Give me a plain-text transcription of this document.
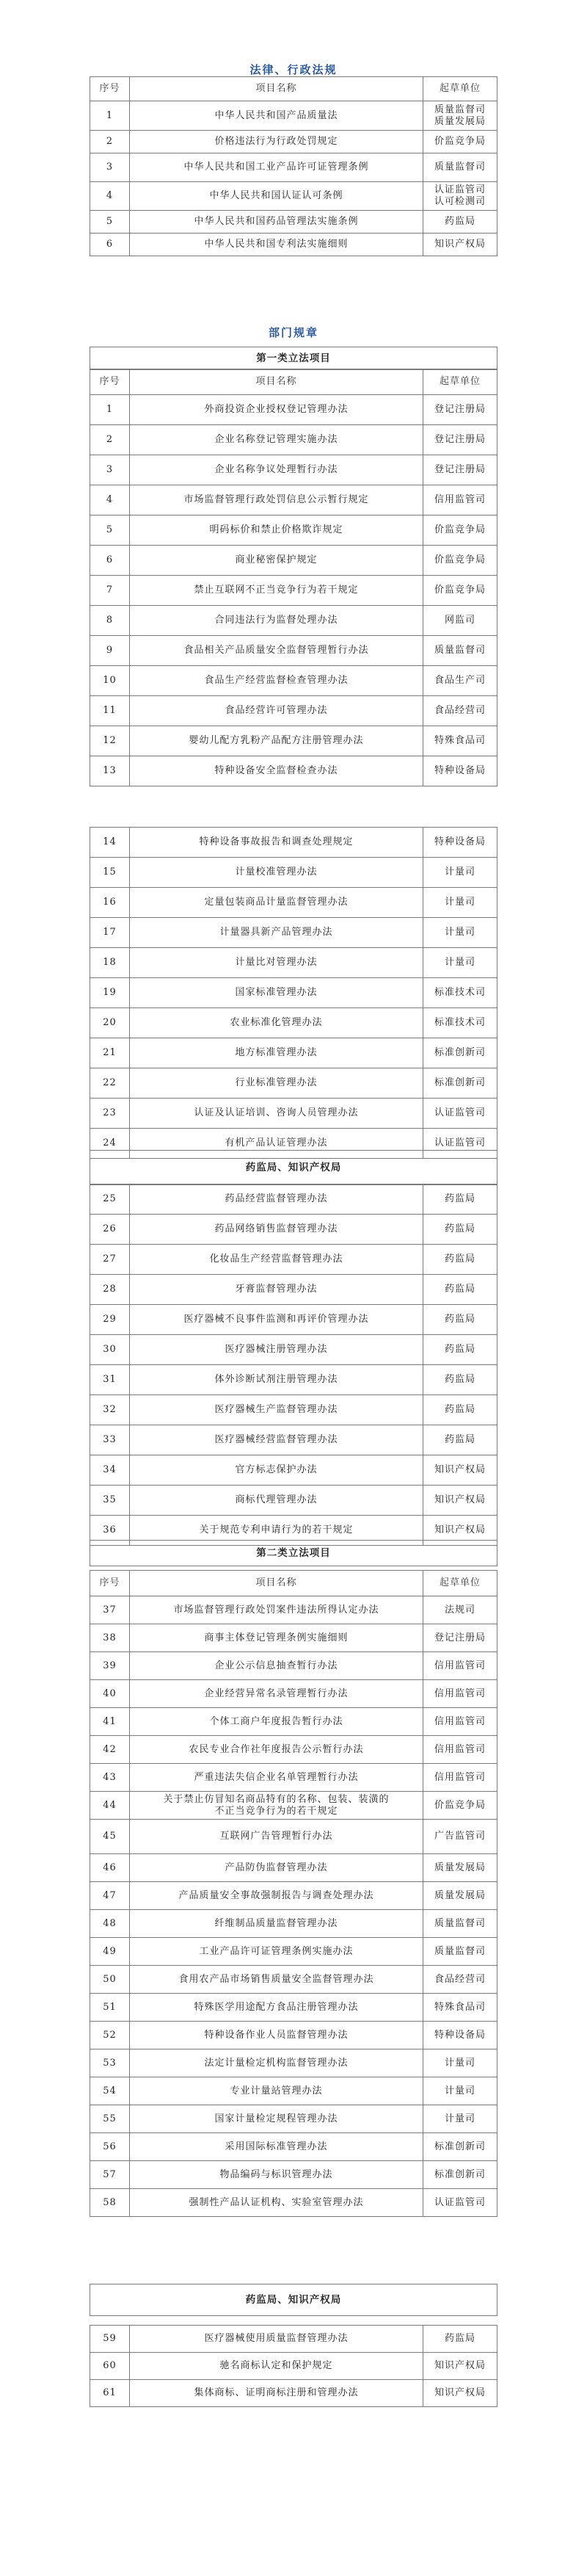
法律、行政法规
序号	项目名称	起草单位
1	中华人民共和国产品质量法	质量监督司
质量发展局
2	价格违法行为行政处罚规定	价监竞争局
3	中华人民共和国工业产品许可证管理条例	质量监督司
4	中华人民共和国认证认可条例	认证监管司
认可检测司
5	中华人民共和国药品管理法实施条例	药监局
6	中华人民共和国专利法实施细则	知识产权局
部门规章
第一类立法项目
序号	项目名称	起草单位
1	外商投资企业授权登记管理办法	登记注册局
2	企业名称登记管理实施办法	登记注册局
3	企业名称争议处理暂行办法	登记注册局
4	市场监督管理行政处罚信息公示暂行规定	信用监管司
5	明码标价和禁止价格欺诈规定	价监竞争局
6	商业秘密保护规定	价监竞争局
7	禁止互联网不正当竞争行为若干规定	价监竞争局
8	合同违法行为监督处理办法	网监司
9	食品相关产品质量安全监督管理暂行办法	质量监督司
10	食品生产经营监督检查管理办法	食品生产司
11	食品经营许可管理办法	食品经营司
12	婴幼儿配方乳粉产品配方注册管理办法	特殊食品司
13	特种设备安全监督检查办法	特种设备局
14	特种设备事故报告和调查处理规定	特种设备局
15	计量校准管理办法	计量司
16	定量包装商品计量监督管理办法	计量司
17	计量器具新产品管理办法	计量司
18	计量比对管理办法	计量司
19	国家标准管理办法	标准技术司
20	农业标准化管理办法	标准技术司
21	地方标准管理办法	标准创新司
22	行业标准管理办法	标准创新司
23	认证及认证培训、咨询人员管理办法	认证监管司
24	有机产品认证管理办法	认证监管司
药监局、知识产权局
25	药品经营监督管理办法	药监局
26	药品网络销售监督管理办法	药监局
27	化妆品生产经营监督管理办法	药监局
28	牙膏监督管理办法	药监局
29	医疗器械不良事件监测和再评价管理办法	药监局
30	医疗器械注册管理办法	药监局
31	体外诊断试剂注册管理办法	药监局
32	医疗器械生产监督管理办法	药监局
33	医疗器械经营监督管理办法	药监局
34	官方标志保护办法	知识产权局
35	商标代理管理办法	知识产权局
36	关于规范专利申请行为的若干规定	知识产权局
第二类立法项目
序号	项目名称	起草单位
37	市场监督管理行政处罚案件违法所得认定办法	法规司
38	商事主体登记管理条例实施细则	登记注册局
39	企业公示信息抽查暂行办法	信用监管司
40	企业经营异常名录管理暂行办法	信用监管司
41	个体工商户年度报告暂行办法	信用监管司
42	农民专业合作社年度报告公示暂行办法	信用监管司
43	严重违法失信企业名单管理暂行办法	信用监管司
44	关于禁止仿冒知名商品特有的名称、包装、装潢的
不正当竞争行为的若干规定	价监竞争局
45	互联网广告管理暂行办法	广告监管司
46	产品防伪监督管理办法	质量发展局
47	产品质量安全事故强制报告与调查处理办法	质量发展局
48	纤维制品质量监督管理办法	质量监督司
49	工业产品许可证管理条例实施办法	质量监督司
50	食用农产品市场销售质量安全监督管理办法	食品经营司
51	特殊医学用途配方食品注册管理办法	特殊食品司
52	特种设备作业人员监督管理办法	特种设备局
53	法定计量检定机构监督管理办法	计量司
54	专业计量站管理办法	计量司
55	国家计量检定规程管理办法	计量司
56	采用国际标准管理办法	标准创新司
57	物品编码与标识管理办法	标准创新司
58	强制性产品认证机构、实验室管理办法	认证监管司
药监局、知识产权局
59	医疗器械使用质量监督管理办法	药监局
60	驰名商标认定和保护规定	知识产权局
61	集体商标、证明商标注册和管理办法	知识产权局
